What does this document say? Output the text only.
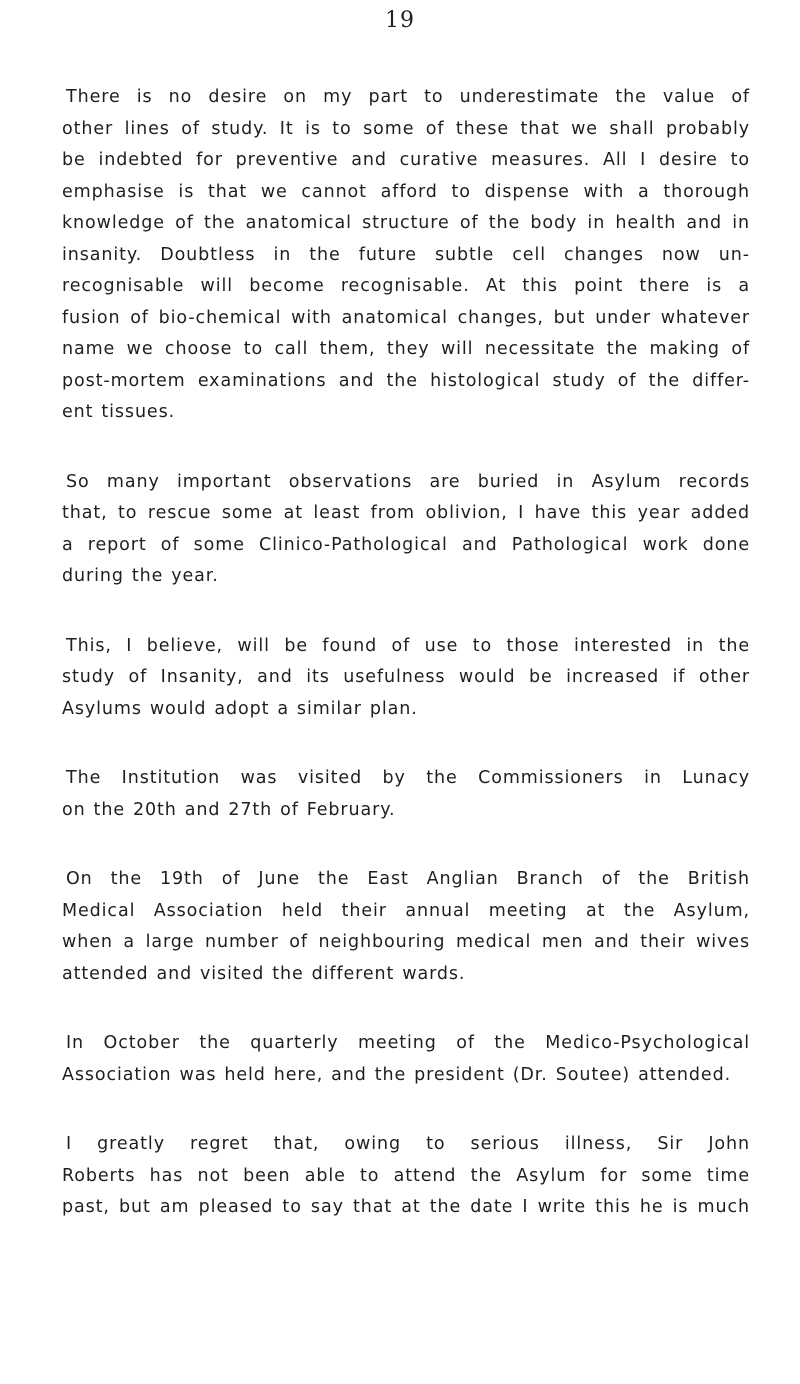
19

There is no desire on my part to underestimate the value of
other lines of study. It is to some of these that we shall probably
be indebted for preventive and curative measures. All I desire to
emphasise is that we cannot afford to dispense with a thorough
knowledge of the anatomical structure of the body in health and in
insanity. Doubtless in the future subtle cell changes now un-
recognisable will become recognisable. At this point there is a
fusion of bio-chemical with anatomical changes, but under whatever
name we choose to call them, they will necessitate the making of
post-mortem examinations and the histological study of the differ-
ent tissues.

So many important observations are buried in Asylum records
that, to rescue some at least from oblivion, I have this year added
a report of some Clinico-Pathological and Pathological work done
during the year.

This, I believe, will be found of use to those interested in the
study of Insanity, and its usefulness would be increased if other
Asylums would adopt a similar plan.

The Institution was visited by the Commissioners in Lunacy
on the 20th and 27th of February.

On the 19th of June the East Anglian Branch of the British
Medical Association held their annual meeting at the Asylum,
when a large number of neighbouring medical men and their wives
attended and visited the different wards.

In October the quarterly meeting of the Medico-Psychological
Association was held here, and the president (Dr. Soutee) attended.

I greatly regret that, owing to serious illness, Sir John
Roberts has not been able to attend the Asylum for some time
past, but am pleased to say that at the date I write this he is much
